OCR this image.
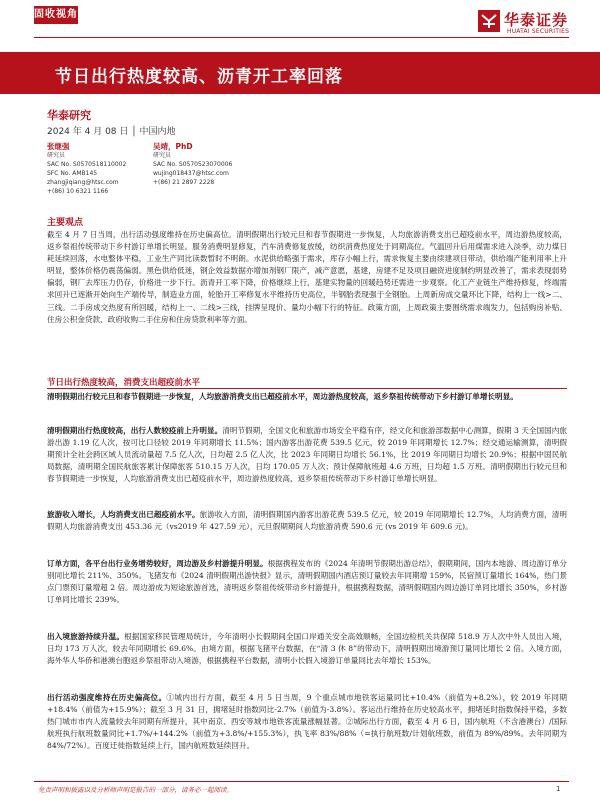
固收视角	华泰证券
HUATAI SECURITIES
节日出行热度较高、沥青开工率回落
华泰研究
2024 年 4 月 08 日 │ 中国内地
张继强
研究员
SAC No. S0570518110002
SFC No. AMB145
zhangjiqiang@htsc.com
+(86) 10 6321 1166
吴靖，PhD
研究员
SAC No. S0570523070006
wujing018437@htsc.com
+(86) 21 2897 2228
主要观点
截至 4 月 7 日当周，出行活动强度维持在历史偏高位。清明假期出行较元旦和春节假期进一步恢复，人均旅游消费支出已超疫前水平，周边游热度较高，返乡祭祖传统带动下乡村游订单增长明显。服务消费明显修复，汽车消费修复放缓，纺织消费热度处于同期高位。气温回升后用煤需求进入淡季，动力煤日耗延续回落，水电整体平稳，工业生产同比读数暂时不明朗。水泥供给略强于需求，库存小幅上行，需求恢复主要由续建项目带动，供给端产能利用率上升明显，整体价格仍震荡偏弱。黑色供给低迷，钢企效益数据亦增加剂钢厂限产，减产意愿，基建，房建不足及项目融资进度制约明显改善了，需求表现弱势偏弱，钢厂去库压力仍存，价格进一步下行。沥青开工率下降，价格继续上行，基建实物量的回暖趋势还需进一步观察。化工产业链生产维持修复，终端需求回升已逐渐开始向生产端传导，制造业方面，轮胎开工率修复水平维持历史高位，半钢胎表现强于全钢胎。上周新房成交量环比下降，结构上一线>二、三线。二手房成交热度有所回暖，结构上一、二线>三线，挂牌呈现价、量均小幅下行的特征。政策方面，上周政策主要围绕需求端发力，包括购房补贴、住房公积金贷款、政府收购二手住房和住房贷款利率等方面。
节日出行热度较高，消费支出超疫前水平
清明假期出行较元旦和春节假期进一步恢复，人均旅游消费支出已超疫前水平，周边游热度较高，返乡祭祖传统带动下乡村游订单增长明显。
清明假期出行热度较高，出行人数较疫前上升明显。清明节假期，全国文化和旅游市场安全平稳有序，经文化和旅游部数据中心测算，假期 3 天全国国内旅游出游 1.19 亿人次，按可比口径较 2019 年同期增长 11.5%；国内游客出游花费 539.5 亿元，较 2019 年同期增长 12.7%；经交通运输测算，清明假期预计全社会跨区域人员流动量超 7.5 亿人次，日均超 2.5 亿人次，比 2023 年同期日均增长 56.1%，比 2019 年同期日均增长 20.9%；根据中国民航局数据，清明期全国民航旅客累计保障旅客 510.15 万人次，日均 170.05 万人次；预计保障航班超 4.6 万班，日均超 1.5 万班。清明假期出行较元旦和春节假期进一步恢复，人均旅游消费支出已超疫前水平，周边游热度较高，返乡祭祖传统带动下乡村游订单增长明显。
旅游收入增长，人均消费支出已超疫前水平。旅游收入方面，清明假期国内游客出游花费 539.5 亿元，较 2019 年同期增长 12.7%，人均消费方面，清明假期人均旅游消费支出 453.36 元（vs2019 年 427.59 元），元旦假期期间人均旅游消费 590.6 元 (vs 2019 年 609.6 元)。
订单方面，各平台出行业务增势较好，周边游及乡村游提升明显。根据携程发布的《2024 年清明节假期出游总结》，假期期间，国内本地游、周边游订单分别同比增长 211%、350%。飞猪发布《2024 清明假期出游快报》显示，清明假期国内酒店预订量较去年同期增 159%，民宿预订量增长 164%，热门景点门票预订量增超 2 倍。周边游成为短途旅游首选，清明返乡祭祖传统带动乡村游提升，根据携程数据，清明假期国内周边游订单同比增长 350%，乡村游订单同比增长 239%。
出入境旅游持续升温。根据国家移民管理局统计，今年清明小长假期间全国口岸通关安全高效顺畅，全国边检机关共保障 518.9 万人次中外人员出入境，日均 173 万人次，较去年同期增长 69.6%。由境方面，根据飞猪平台数据，在“清 3 休 8”的带动下，清明假期出境游预订量同比增长 2 倍。入境方面，海外华人华侨和港澳台胞返乡祭祖带动入境游，根据携程平台数据，清明小长假入境游订单量同比去年增长 153%。
出行活动强度维持在历史偏高位。①城内出行方面，截至 4 月 5 日当周，9 个重点城市地铁客运量同比+10.4%（前值为+8.2%），较 2019 年同期+18.4%（前值为+15.9%）；截至 3 月 31 日，拥堵延时指数同比-2.7%（前值为-3.8%）。客运出行维持在历史较高水平，拥堵延时指数保持平稳，多数热门城市市内人流量较去年同期有所提升，其中南京、西安等城市地铁客流量涨幅显著。②城际出行方面，截至 4 月 6 日，国内航班（不含港澳台）/国际航班执行航班数量同比+1.7%/+144.2%（前值为+3.8%/+155.3%），执飞率 83%/88%（=执行航班数/计划航班数，前值为 89%/89%。去年同期为 84%/72%）。百度迁徙指数延续上行，国内航班数延续回升。
免责声明和披露以及分析师声明是报告的一部分，请务必一起阅读。	1
